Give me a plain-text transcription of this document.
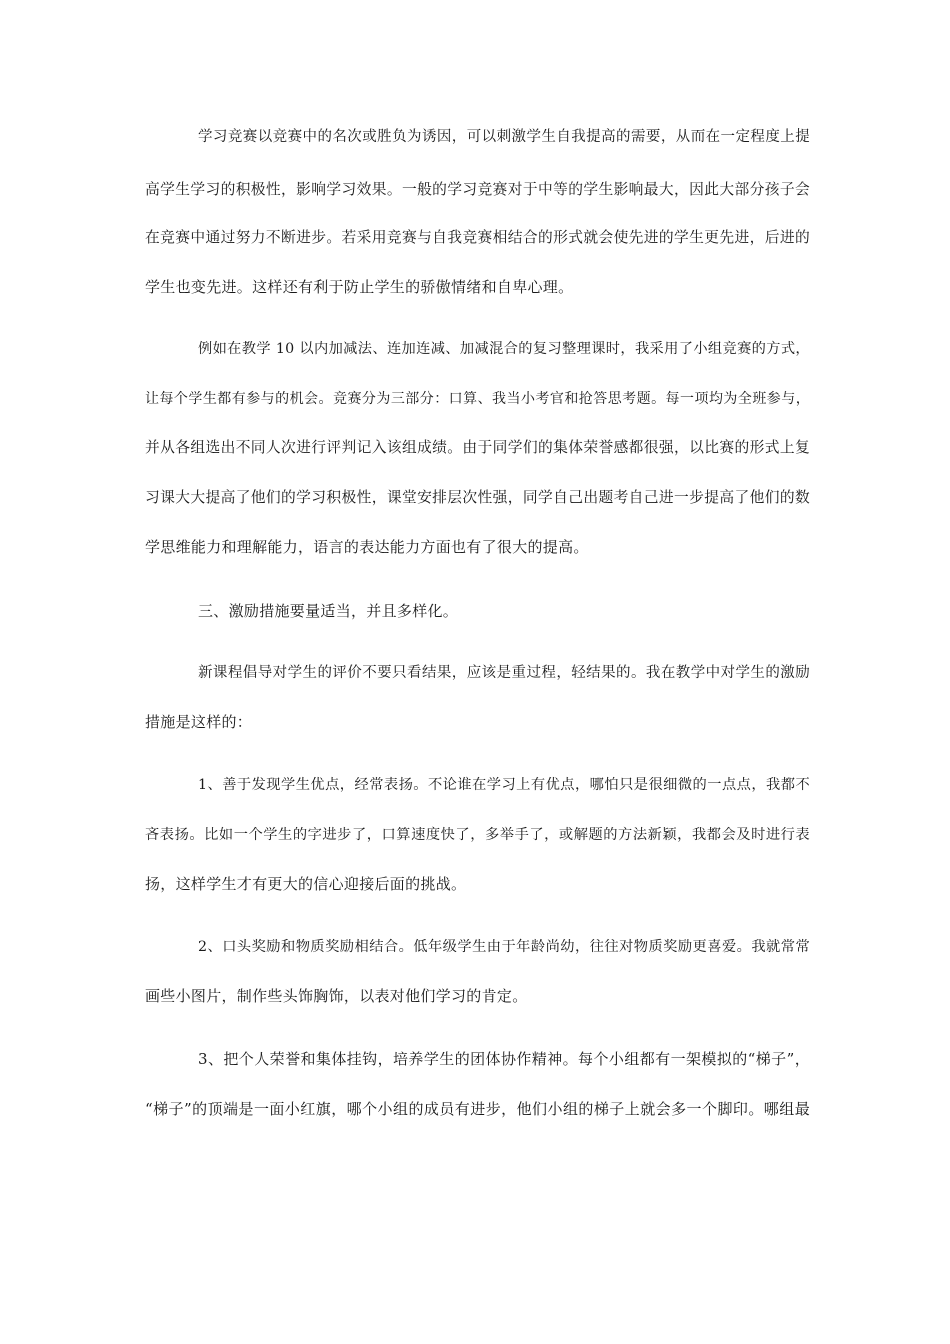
学习竞赛以竞赛中的名次或胜负为诱因，可以刺激学生自我提高的需要，从而在一定程度上提
高学生学习的积极性，影响学习效果。一般的学习竞赛对于中等的学生影响最大，因此大部分孩子会
在竞赛中通过努力不断进步。若采用竞赛与自我竞赛相结合的形式就会使先进的学生更先进，后进的
学生也变先进。这样还有利于防止学生的骄傲情绪和自卑心理。
例如在教学 10 以内加减法、连加连减、加减混合的复习整理课时，我采用了小组竞赛的方式，
让每个学生都有参与的机会。竞赛分为三部分：口算、我当小考官和抢答思考题。每一项均为全班参与，
并从各组选出不同人次进行评判记入该组成绩。由于同学们的集体荣誉感都很强，以比赛的形式上复
习课大大提高了他们的学习积极性，课堂安排层次性强，同学自己出题考自己进一步提高了他们的数
学思维能力和理解能力，语言的表达能力方面也有了很大的提高。
三、激励措施要量适当，并且多样化。
新课程倡导对学生的评价不要只看结果，应该是重过程，轻结果的。我在教学中对学生的激励
措施是这样的：
1、善于发现学生优点，经常表扬。不论谁在学习上有优点，哪怕只是很细微的一点点，我都不
吝表扬。比如一个学生的字进步了，口算速度快了，多举手了，或解题的方法新颖，我都会及时进行表
扬，这样学生才有更大的信心迎接后面的挑战。
2、口头奖励和物质奖励相结合。低年级学生由于年龄尚幼，往往对物质奖励更喜爱。我就常常
画些小图片，制作些头饰胸饰，以表对他们学习的肯定。
3、把个人荣誉和集体挂钩，培养学生的团体协作精神。每个小组都有一架模拟的“梯子”，
“梯子”的顶端是一面小红旗，哪个小组的成员有进步，他们小组的梯子上就会多一个脚印。哪组最
